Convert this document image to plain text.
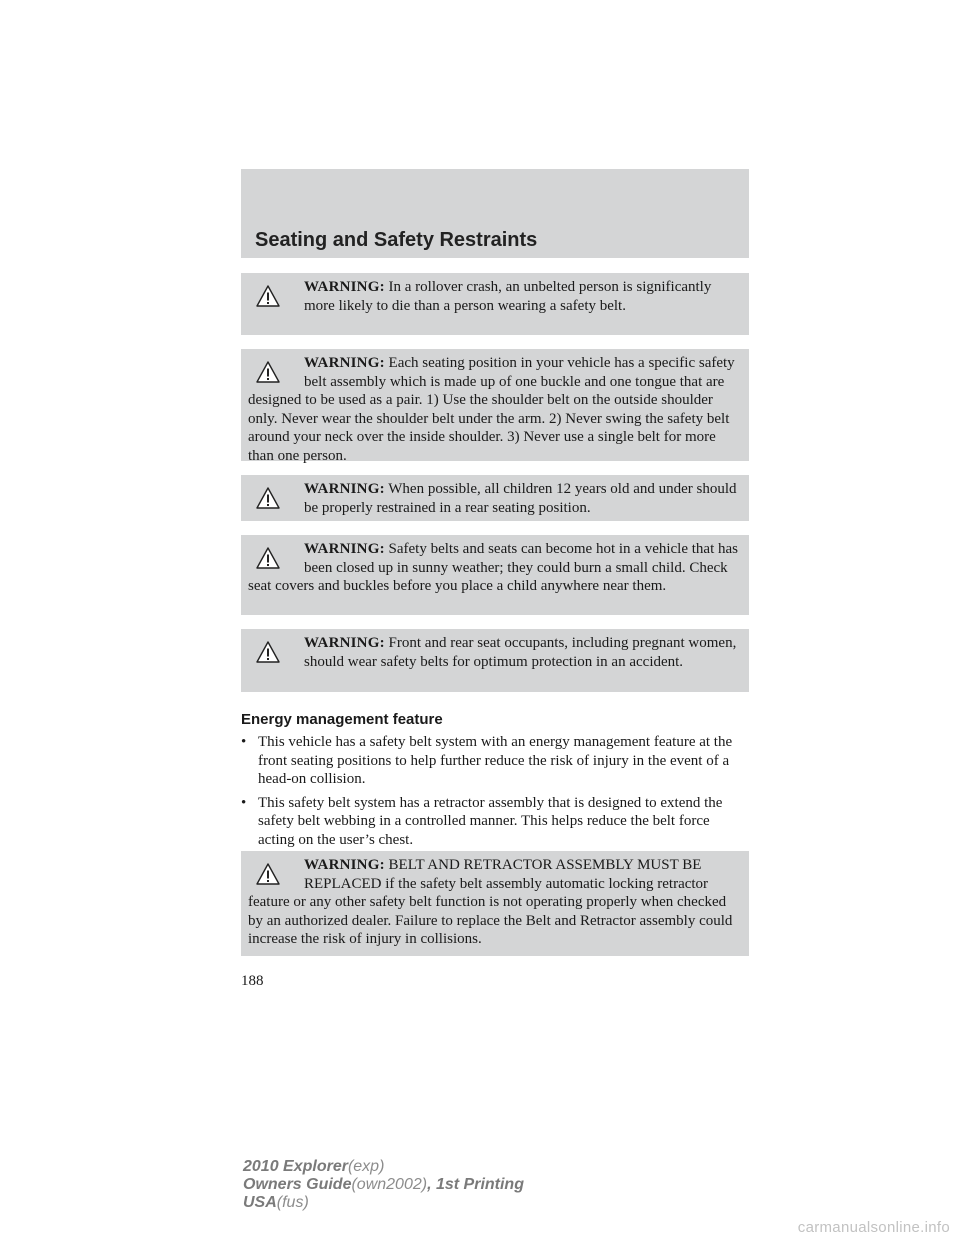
Seating and Safety Restraints
WARNING: In a rollover crash, an unbelted person is significantly more likely to die than a person wearing a safety belt.
WARNING: Each seating position in your vehicle has a specific safety belt assembly which is made up of one buckle and one tongue that are designed to be used as a pair. 1) Use the shoulder belt on the outside shoulder only. Never wear the shoulder belt under the arm. 2) Never swing the safety belt around your neck over the inside shoulder. 3) Never use a single belt for more than one person.
WARNING: When possible, all children 12 years old and under should be properly restrained in a rear seating position.
WARNING: Safety belts and seats can become hot in a vehicle that has been closed up in sunny weather; they could burn a small child. Check seat covers and buckles before you place a child anywhere near them.
WARNING: Front and rear seat occupants, including pregnant women, should wear safety belts for optimum protection in an accident.
Energy management feature
• This vehicle has a safety belt system with an energy management feature at the front seating positions to help further reduce the risk of injury in the event of a head-on collision.
• This safety belt system has a retractor assembly that is designed to extend the safety belt webbing in a controlled manner. This helps reduce the belt force acting on the user’s chest.
WARNING: BELT AND RETRACTOR ASSEMBLY MUST BE REPLACED if the safety belt assembly automatic locking retractor feature or any other safety belt function is not operating properly when checked by an authorized dealer. Failure to replace the Belt and Retractor assembly could increase the risk of injury in collisions.
188
2010 Explorer(exp)
Owners Guide(own2002), 1st Printing
USA(fus)
carmanualsonline.info
